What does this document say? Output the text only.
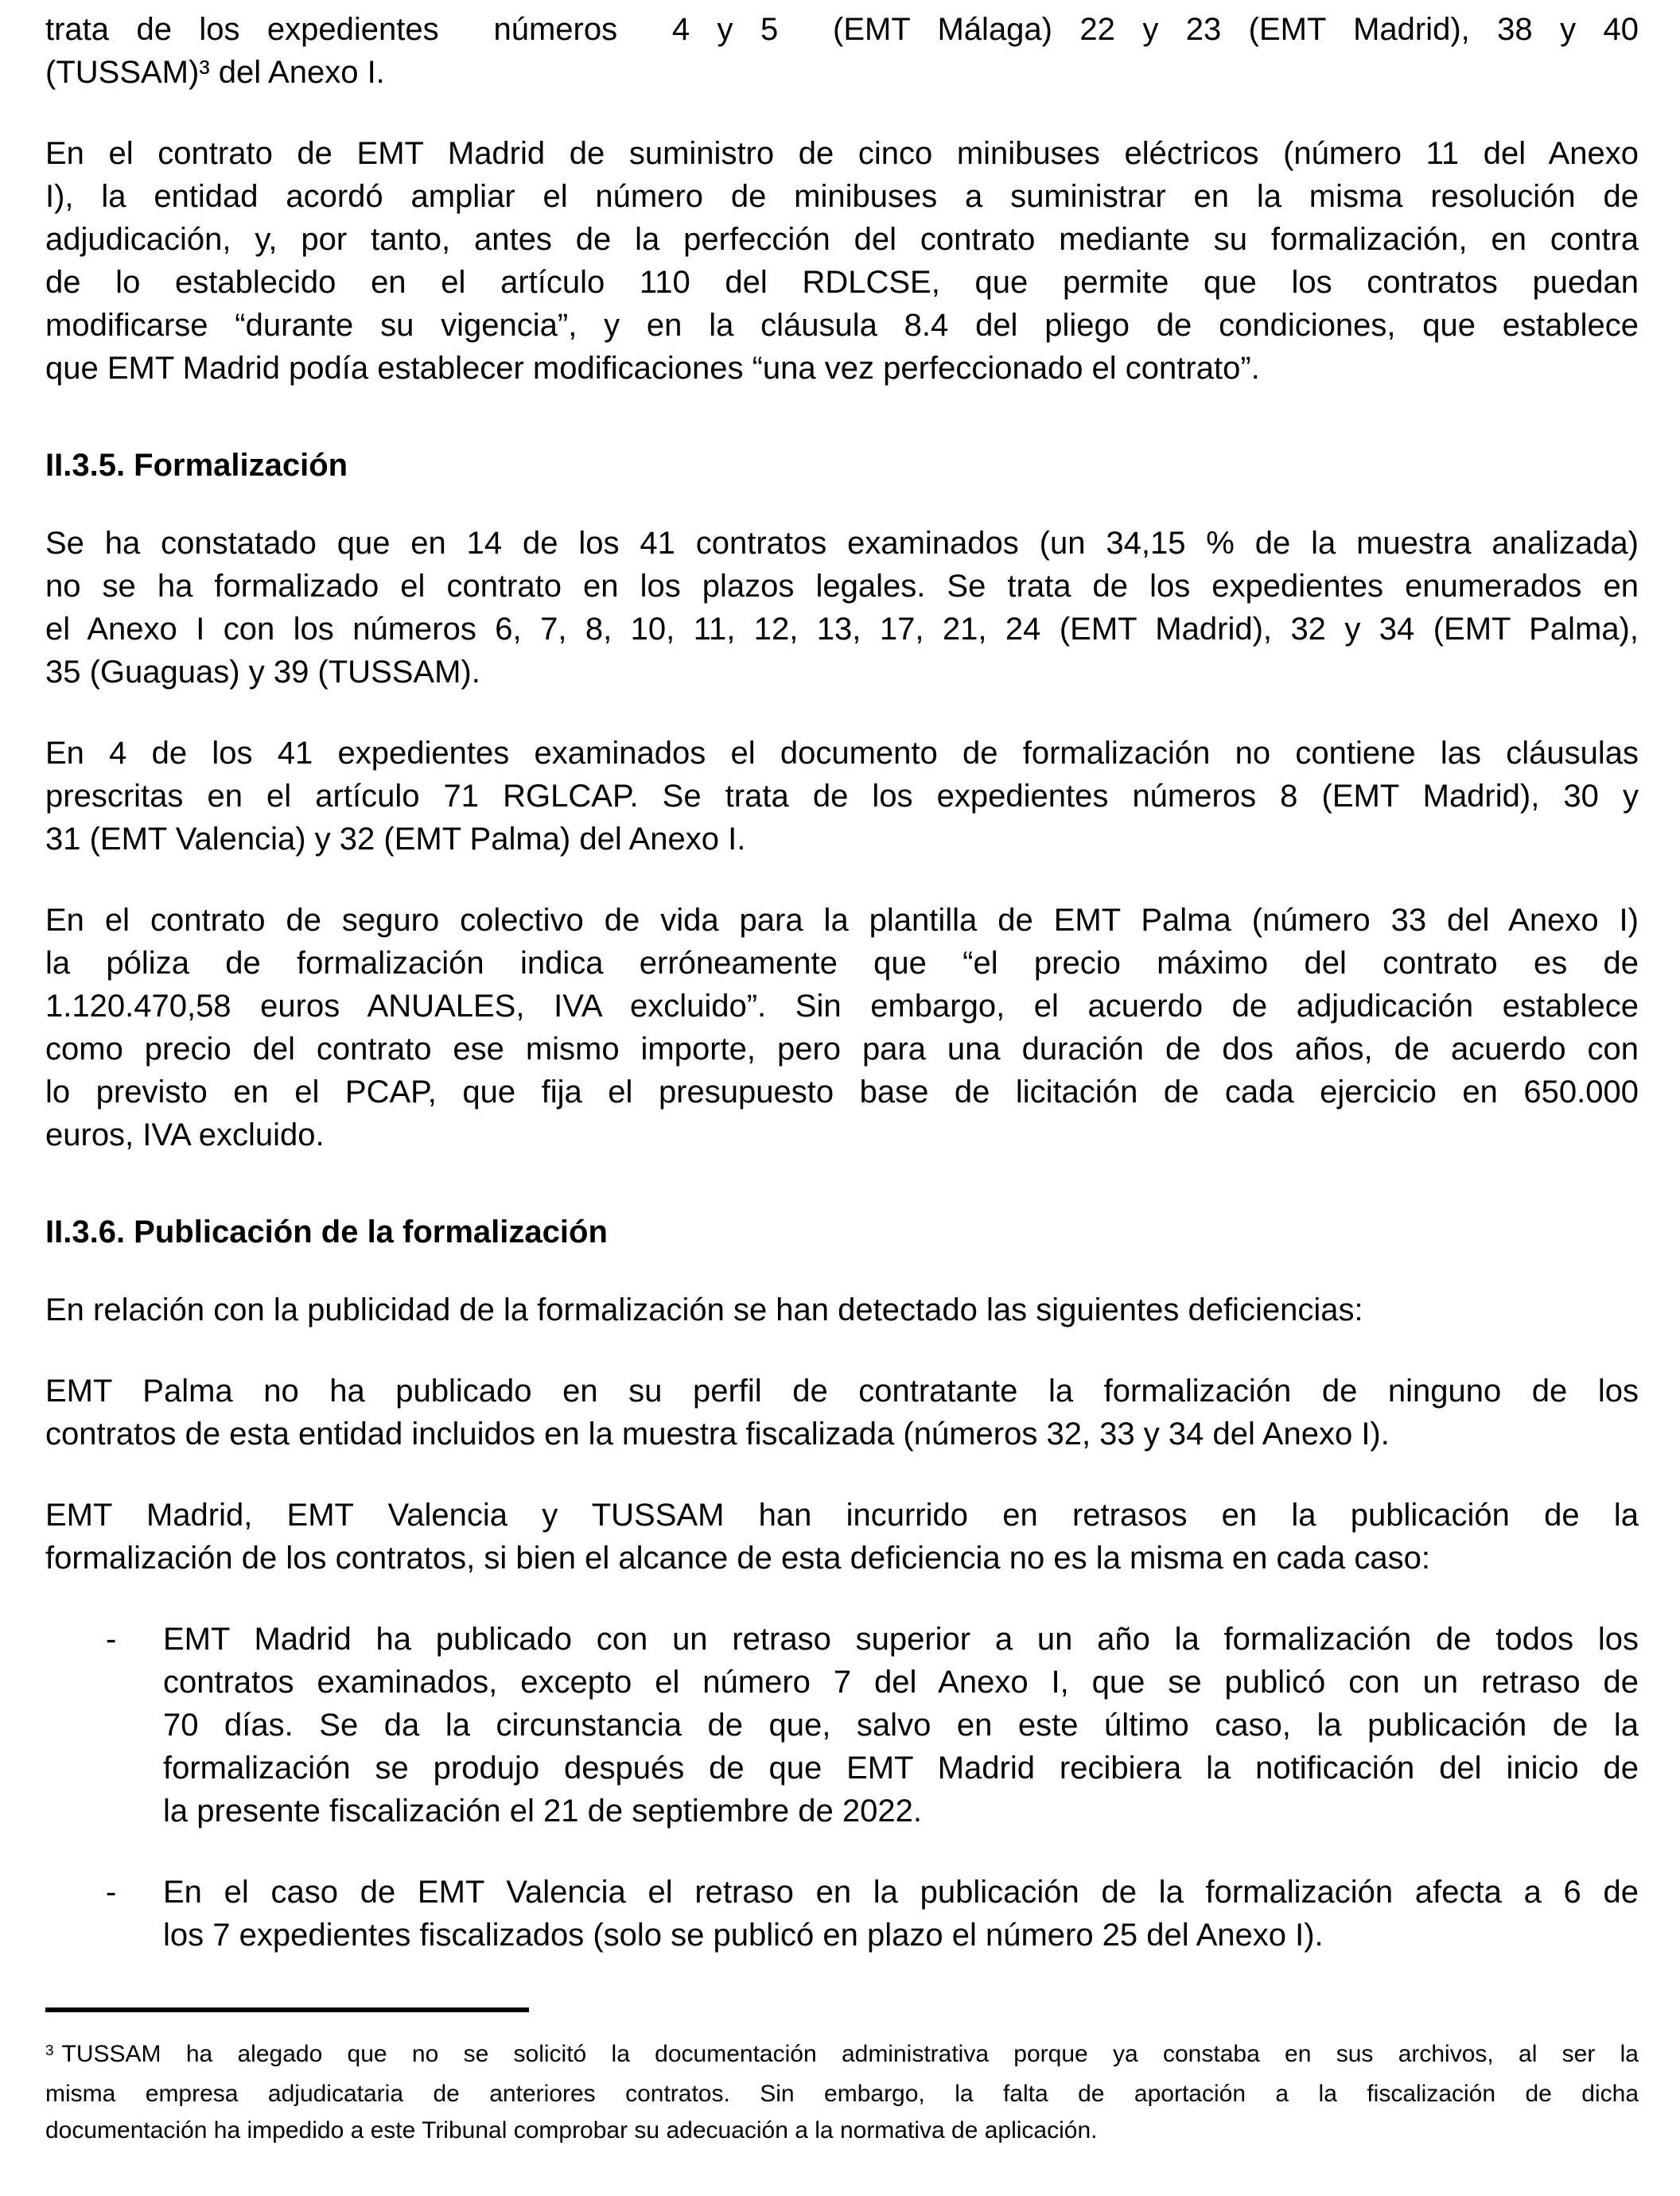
trata de los expedientes  números  4 y 5  (EMT Málaga) 22 y 23 (EMT Madrid), 38 y 40
(TUSSAM)³ del Anexo I.
En el contrato de EMT Madrid de suministro de cinco minibuses eléctricos (número 11 del Anexo
I), la entidad acordó ampliar el número de minibuses a suministrar en la misma resolución de
adjudicación, y, por tanto, antes de la perfección del contrato mediante su formalización, en contra
de lo establecido en el artículo 110 del RDLCSE, que permite que los contratos puedan
modificarse “durante su vigencia”, y en la cláusula 8.4 del pliego de condiciones, que establece
que EMT Madrid podía establecer modificaciones “una vez perfeccionado el contrato”.
II.3.5. Formalización
Se ha constatado que en 14 de los 41 contratos examinados (un 34,15 % de la muestra analizada)
no se ha formalizado el contrato en los plazos legales. Se trata de los expedientes enumerados en
el Anexo I con los números 6, 7, 8, 10, 11, 12, 13, 17, 21, 24 (EMT Madrid), 32 y 34 (EMT Palma),
35 (Guaguas) y 39 (TUSSAM).
En 4 de los 41 expedientes examinados el documento de formalización no contiene las cláusulas
prescritas en el artículo 71 RGLCAP. Se trata de los expedientes números 8 (EMT Madrid), 30 y
31 (EMT Valencia) y 32 (EMT Palma) del Anexo I.
En el contrato de seguro colectivo de vida para la plantilla de EMT Palma (número 33 del Anexo I)
la póliza de formalización indica erróneamente que “el precio máximo del contrato es de
1.120.470,58 euros ANUALES, IVA excluido”. Sin embargo, el acuerdo de adjudicación establece
como precio del contrato ese mismo importe, pero para una duración de dos años, de acuerdo con
lo previsto en el PCAP, que fija el presupuesto base de licitación de cada ejercicio en 650.000
euros, IVA excluido.
II.3.6. Publicación de la formalización
En relación con la publicidad de la formalización se han detectado las siguientes deficiencias:
EMT Palma no ha publicado en su perfil de contratante la formalización de ninguno de los
contratos de esta entidad incluidos en la muestra fiscalizada (números 32, 33 y 34 del Anexo I).
EMT Madrid, EMT Valencia y TUSSAM han incurrido en retrasos en la publicación de la
formalización de los contratos, si bien el alcance de esta deficiencia no es la misma en cada caso:
-	EMT Madrid ha publicado con un retraso superior a un año la formalización de todos los
contratos examinados, excepto el número 7 del Anexo I, que se publicó con un retraso de
70 días. Se da la circunstancia de que, salvo en este último caso, la publicación de la
formalización se produjo después de que EMT Madrid recibiera la notificación del inicio de
la presente fiscalización el 21 de septiembre de 2022.
-	En el caso de EMT Valencia el retraso en la publicación de la formalización afecta a 6 de
los 7 expedientes fiscalizados (solo se publicó en plazo el número 25 del Anexo I).
$^3$ TUSSAM ha alegado que no se solicitó la documentación administrativa porque ya constaba en sus archivos, al ser la
misma empresa adjudicataria de anteriores contratos. Sin embargo, la falta de aportación a la fiscalización de dicha
documentación ha impedido a este Tribunal comprobar su adecuación a la normativa de aplicación.
